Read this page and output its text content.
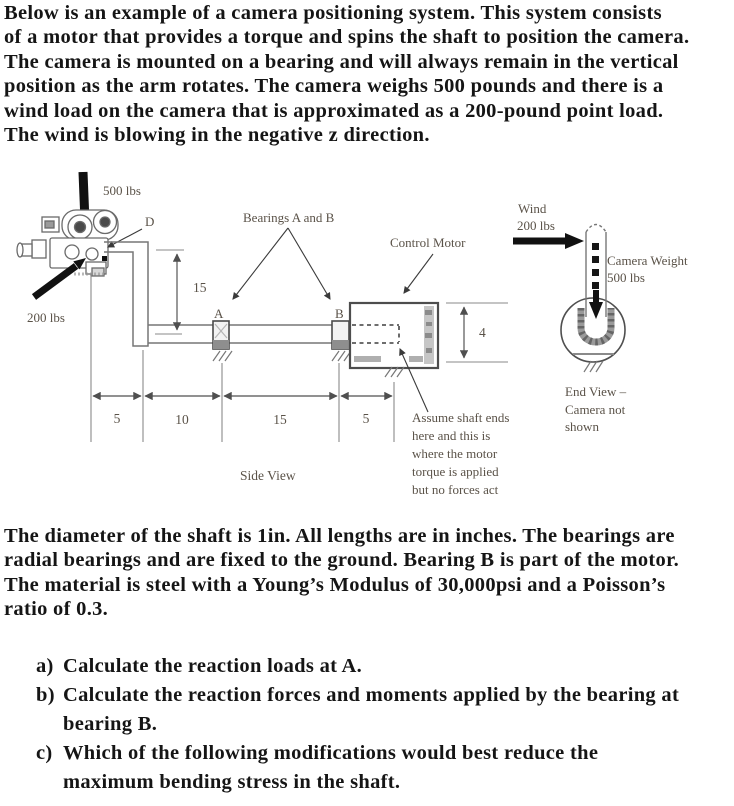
Below is an example of a camera positioning system. This system consists
of a motor that provides a torque and spins the shaft to position the camera.
The camera is mounted on a bearing and will always remain in the vertical
position as the arm rotates. The camera weighs 500 pounds and there is a
wind load on the camera that is approximated as a 200-pound point load.
The wind is blowing in the negative z direction.
500 lbs
D
200 lbs
15
Bearings A and B
A	B
Control Motor
4
Assume shaft ends
here and this is
where the motor
torque is applied
but no forces act
5	10	15	5
Side View
Wind
200 lbs
Camera Weight
500 lbs
End View –
Camera not
shown
The diameter of the shaft is 1in. All lengths are in inches. The bearings are
radial bearings and are fixed to the ground. Bearing B is part of the motor.
The material is steel with a Young’s Modulus of 30,000psi and a Poisson’s
ratio of 0.3.
a) Calculate the reaction loads at A.
b) Calculate the reaction forces and moments applied by the bearing at
bearing B.
c) Which of the following modifications would best reduce the
maximum bending stress in the shaft.
